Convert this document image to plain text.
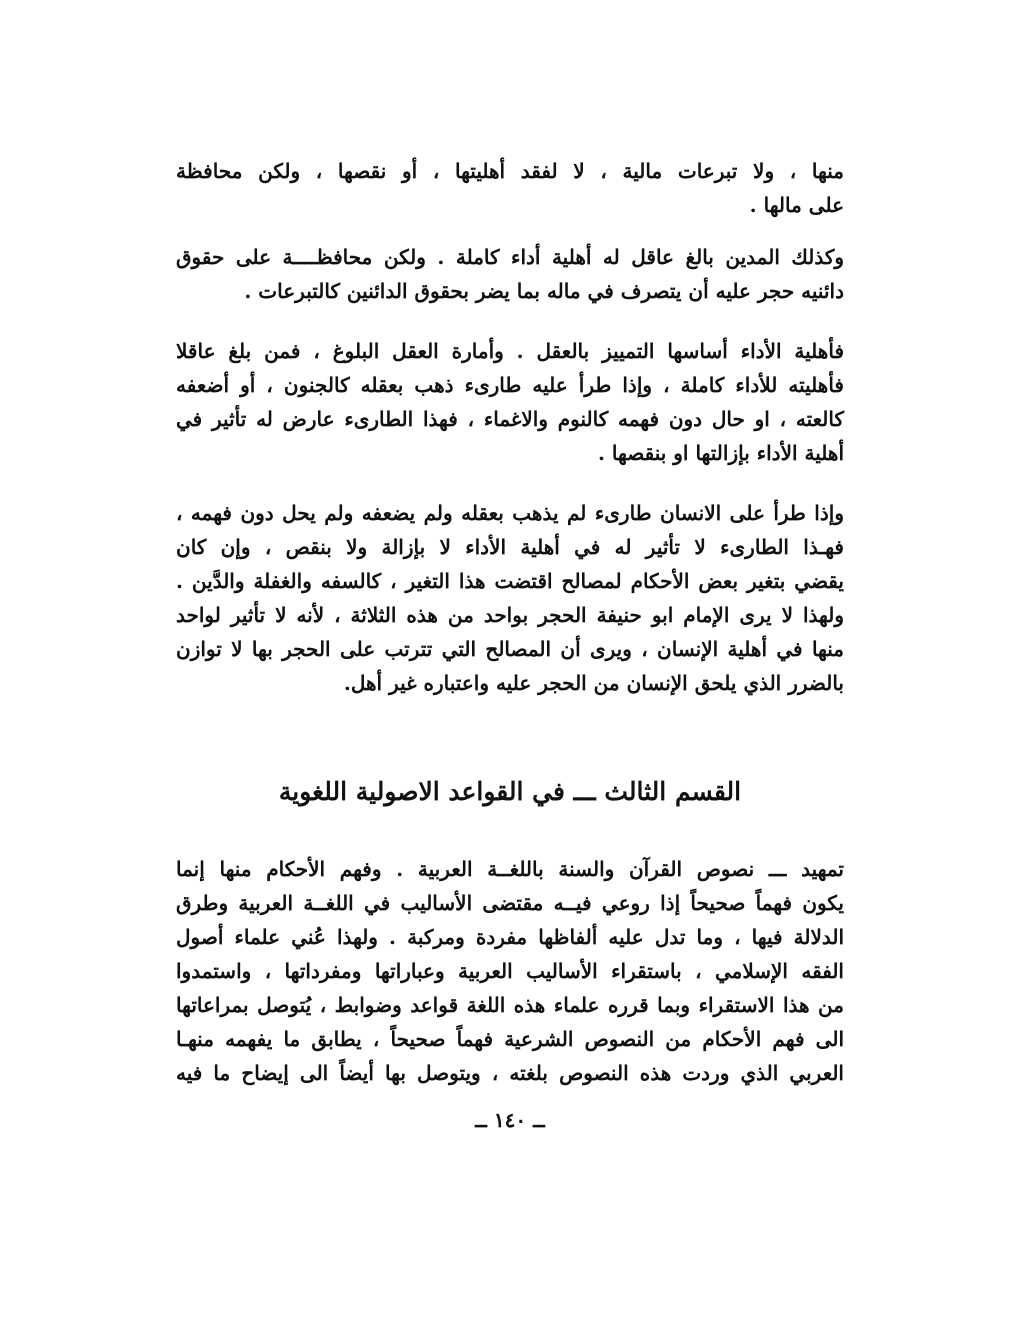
منها ، ولا تبرعات مالية ، لا لفقد أهليتها ، أو نقصها ، ولكن محافظة
على مالها .

وكذلك المدين بالغ عاقل له أهلية أداء كاملة . ولكن محافظــــة على حقوق
دائنيه حجر عليه أن يتصرف في ماله بما يضر بحقوق الدائنين كالتبرعات .

فأهلية الأداء أساسها التمييز بالعقل . وأمارة العقل البلوغ ، فمن بلغ عاقلا
فأهليته للأداء كاملة ، وإذا طرأ عليه طارىء ذهب بعقله كالجنون ، أو أضعفه
كالعته ، او حال دون فهمه كالنوم والاغماء ، فهذا الطارىء عارض له تأثير في
أهلية الأداء بإزالتها او بنقصها .

وإذا طرأ على الانسان طارىء لم يذهب بعقله ولم يضعفه ولم يحل دون فهمه ،
فهـذا الطارىء لا تأثير له في أهلية الأداء لا بإزالة ولا بنقص ، وإن كان
يقضي بتغير بعض الأحكام لمصالح اقتضت هذا التغير ، كالسفه والغفلة والدَّين .
ولهذا لا يرى الإمام ابو حنيفة الحجر بواحد من هذه الثلاثة ، لأنه لا تأثير لواحد
منها في أهلية الإنسان ، ويرى أن المصالح التي تترتب على الحجر بها لا توازن
بالضرر الذي يلحق الإنسان من الحجر عليه واعتباره غير أهل.

القسم الثالث ـــ في القواعد الاصولية اللغوية

تمهيد ـــ نصوص القرآن والسنة باللغــة العربية . وفهم الأحكام منها إنما
يكون فهماً صحيحاً إذا روعي فيــه مقتضى الأساليب في اللغــة العربية وطرق
الدلالة فيها ، وما تدل عليه ألفاظها مفردة ومركبة . ولهذا عُني علماء أصول
الفقه الإسلامي ، باستقراء الأساليب العربية وعباراتها ومفرداتها ، واستمدوا
من هذا الاستقراء وبما قرره علماء هذه اللغة قواعد وضوابط ، يُتوصل بمراعاتها
الى فهم الأحكام من النصوص الشرعية فهماً صحيحاً ، يطابق ما يفهمه منهـا
العربي الذي وردت هذه النصوص بلغته ، ويتوصل بها أيضاً الى إيضاح ما فيه

ــ ١٤٠ ــ
